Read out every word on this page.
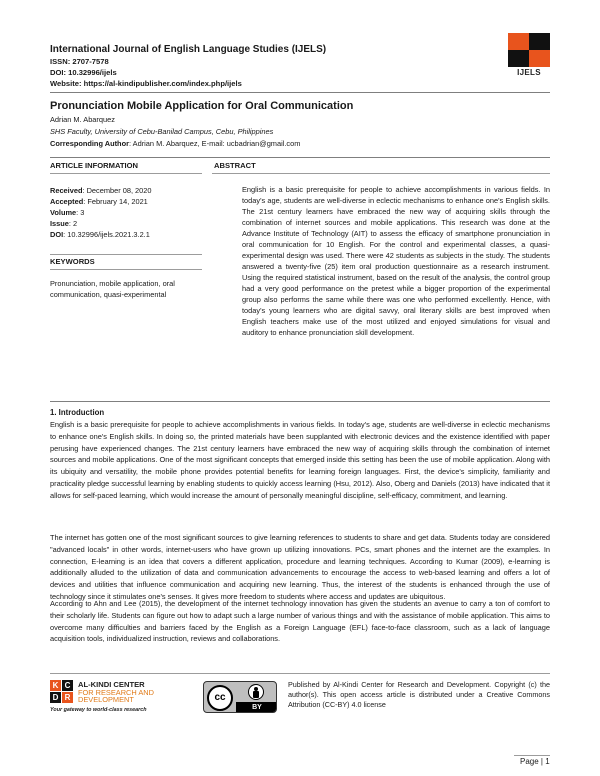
International Journal of English Language Studies (IJELS)
ISSN: 2707-7578
DOI: 10.32996/ijels
Website: https://al-kindipublisher.com/index.php/ijels
IJELS
Pronunciation Mobile Application for Oral Communication
Adrian M. Abarquez
SHS Faculty, University of Cebu-Banilad Campus, Cebu, Philippines
Corresponding Author: Adrian M. Abarquez, E-mail: ucbadrian@gmail.com
ARTICLE INFORMATION	ABSTRACT
Received: December 08, 2020
Accepted: February 14, 2021
Volume: 3
Issue: 2
DOI: 10.32996/ijels.2021.3.2.1
KEYWORDS
Pronunciation, mobile application, oral communication, quasi-experimental
English is a basic prerequisite for people to achieve accomplishments in various fields. In today's age, students are well-diverse in eclectic mechanisms to enhance one's English skills. The 21st century learners have embraced the new way of acquiring skills through the combination of internet sources and mobile applications. This research was done at the Advance Institute of Technology (AIT) to assess the efficacy of smartphone pronunciation in oral communication for 10 English. For the control and experimental classes, a quasi-experimental design was used. There were 42 students as subjects in the study. The students answered a twenty-five (25) item oral production questionnaire as a research instrument. Using the required statistical instrument, based on the result of the analysis, the control group had a very good performance on the pretest while a bigger proportion of the experimental group also performs the same while there was one who performed excellently. Hence, with today's young learners who are digital savvy, oral literary skills are best improved when English teachers make use of the most utilized and enjoyed simulations for visual and auditory to enhance pronunciation skill development.
1. Introduction
English is a basic prerequisite for people to achieve accomplishments in various fields. In today's age, students are well-diverse in eclectic mechanisms to enhance one's English skills. In doing so, the printed materials have been supplanted with electronic devices and the existence identified with paper perusing have experienced changes. The 21st century learners have embraced the new way of acquiring skills through the combination of internet sources and mobile applications. One of the most significant concepts that emerged inside this setting has been the use of mobile application. Along with its ubiquity and versatility, the mobile phone provides potential benefits for learning foreign languages. First, the device's simplicity, familiarity and practicality pledge successful learning by enabling students to quickly access learning (Hsu, 2012). Also, Oberg and Daniels (2013) have indicated that it allows for self-paced learning, which would increase the amount of personally meaningful discipline, self-efficacy, commitment, and learning.
The internet has gotten one of the most significant sources to give learning references to students to share and get data. Students today are considered "advanced locals" in other words, internet-users who have grown up utilizing innovations. PCs, smart phones and the internet are the examples. In connection, E-learning is an idea that covers a different application, procedure and learning techniques. According to Kumar (2009), e-learning is additionally alluded to the utilization of data and communication advancements to encourage the access to web-based learning and offers a lot of devices and utilities that influence communication and acquiring new learning. Thus, the interest of the students is enhanced through the use of technology since it stimulates one's senses. It gives more freedom to students where access and updates are ubiquitous.
According to Ahn and Lee (2015), the development of the internet technology innovation has given the students an avenue to carry a ton of comfort to their scholarly life. Students can figure out how to adapt such a large number of various things and with the assistance of mobile application. This aims to overcome many difficulties and barriers faced by the English as a Foreign Language (EFL) face-to-face classroom, such as a lack of language acquisition tools, individualized instruction, reviews and collaborations.
K C
D R
AL-KINDI CENTER
FOR RESEARCH AND
DEVELOPMENT
Your gateway to world-class research
cc
BY
Published by Al-Kindi Center for Research and Development. Copyright (c) the author(s). This open access article is distributed under a Creative Commons Attribution (CC-BY) 4.0 license
Page | 1
